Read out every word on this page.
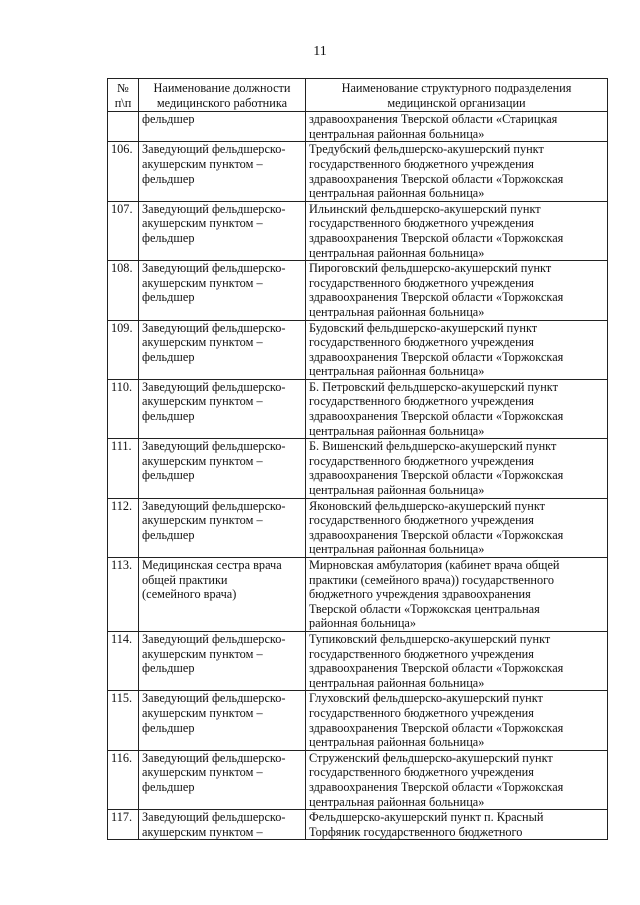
11
№ п\п	Наименование должности медицинского работника	Наименование структурного подразделения медицинской организации
	фельдшер	здравоохранения Тверской области «Старицкая
центральная районная больница»
106.	Заведующий фельдшерско-
акушерским пунктом –
фельдшер	Тредубский фельдшерско-акушерский пункт
государственного бюджетного учреждения
здравоохранения Тверской области «Торжокская
центральная районная больница»
107.	Заведующий фельдшерско-
акушерским пунктом –
фельдшер	Ильинский фельдшерско-акушерский пункт
государственного бюджетного учреждения
здравоохранения Тверской области «Торжокская
центральная районная больница»
108.	Заведующий фельдшерско-
акушерским пунктом –
фельдшер	Пироговский фельдшерско-акушерский пункт
государственного бюджетного учреждения
здравоохранения Тверской области «Торжокская
центральная районная больница»
109.	Заведующий фельдшерско-
акушерским пунктом –
фельдшер	Будовский фельдшерско-акушерский пункт
государственного бюджетного учреждения
здравоохранения Тверской области «Торжокская
центральная районная больница»
110.	Заведующий фельдшерско-
акушерским пунктом –
фельдшер	Б. Петровский фельдшерско-акушерский пункт
государственного бюджетного учреждения
здравоохранения Тверской области «Торжокская
центральная районная больница»
111.	Заведующий фельдшерско-
акушерским пунктом –
фельдшер	Б. Вишенский фельдшерско-акушерский пункт
государственного бюджетного учреждения
здравоохранения Тверской области «Торжокская
центральная районная больница»
112.	Заведующий фельдшерско-
акушерским пунктом –
фельдшер	Яконовский фельдшерско-акушерский пункт
государственного бюджетного учреждения
здравоохранения Тверской области «Торжокская
центральная районная больница»
113.	Медицинская сестра врача
общей практики
(семейного врача)	Мирновская амбулатория (кабинет врача общей
практики (семейного врача)) государственного
бюджетного учреждения здравоохранения
Тверской области «Торжокская центральная
районная больница»
114.	Заведующий фельдшерско-
акушерским пунктом –
фельдшер	Тупиковский фельдшерско-акушерский пункт
государственного бюджетного учреждения
здравоохранения Тверской области «Торжокская
центральная районная больница»
115.	Заведующий фельдшерско-
акушерским пунктом –
фельдшер	Глуховский фельдшерско-акушерский пункт
государственного бюджетного учреждения
здравоохранения Тверской области «Торжокская
центральная районная больница»
116.	Заведующий фельдшерско-
акушерским пунктом –
фельдшер	Струженский фельдшерско-акушерский пункт
государственного бюджетного учреждения
здравоохранения Тверской области «Торжокская
центральная районная больница»
117.	Заведующий фельдшерско-
акушерским пунктом –	Фельдшерско-акушерский пункт п. Красный
Торфяник государственного бюджетного
